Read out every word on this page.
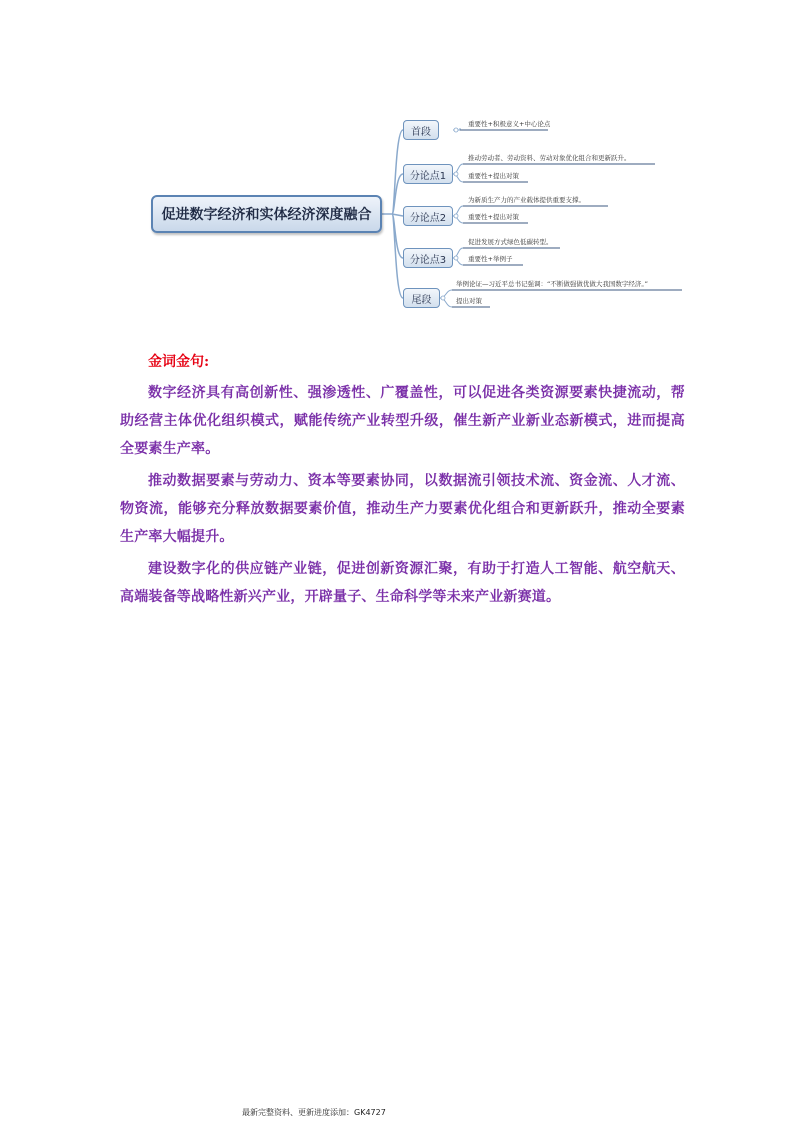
促进数字经济和实体经济深度融合
首段
分论点1
分论点2
分论点3
尾段
重要性+积极意义+中心论点
推动劳动者、劳动资料、劳动对象优化组合和更新跃升。
重要性+提出对策
为新质生产力的产业载体提供重要支撑。
重要性+提出对策
促进发展方式绿色低碳转型。
重要性+举例子
举例论证—习近平总书记强调：“不断做强做优做大我国数字经济。”
提出对策
金词金句:

数字经济具有高创新性、强渗透性、广覆盖性，可以促进各类资源要素快捷流动，帮助经营主体优化组织模式，赋能传统产业转型升级，催生新产业新业态新模式，进而提高全要素生产率。

推动数据要素与劳动力、资本等要素协同，以数据流引领技术流、资金流、人才流、物资流，能够充分释放数据要素价值，推动生产力要素优化组合和更新跃升，推动全要素生产率大幅提升。

建设数字化的供应链产业链，促进创新资源汇聚，有助于打造人工智能、航空航天、高端装备等战略性新兴产业，开辟量子、生命科学等未来产业新赛道。

最新完整资料、更新进度添加：GK4727
